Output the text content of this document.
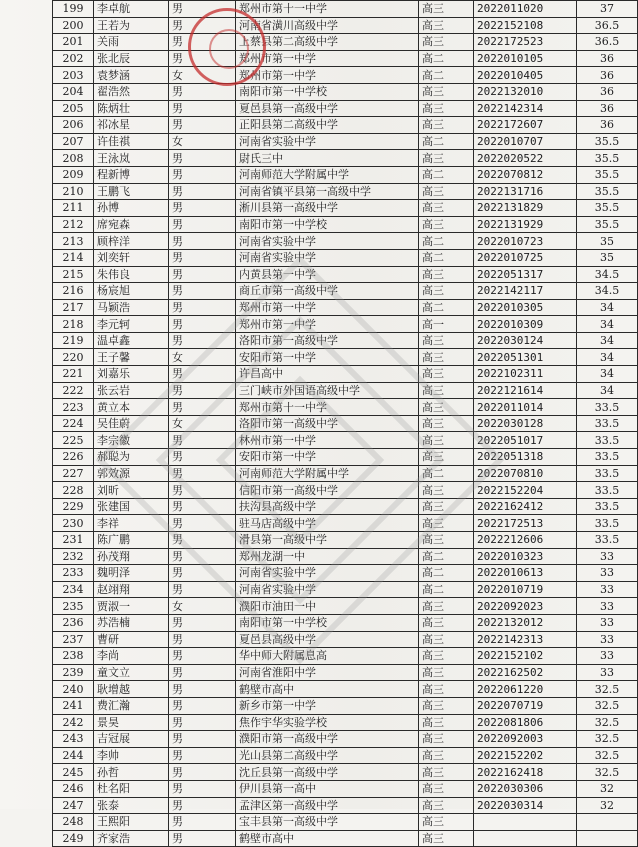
199	李卓航	男	郑州市第十一中学	高三	2022011020	37
200	王若为	男	河南省潢川高级中学	高三	2022152108	36.5
201	关雨	男	上蔡县第二高级中学	高三	2022172523	36.5
202	张北辰	男	郑州市第一中学	高二	2022010105	36
203	袁梦涵	女	郑州市第一中学	高二	2022010405	36
204	翟浩然	男	南阳市第一中学校	高三	2022132010	36
205	陈炳壮	男	夏邑县第一高级中学	高三	2022142314	36
206	祁冰星	男	正阳县第二高级中学	高三	2022172607	36
207	许佳祺	女	河南省实验中学	高二	2022010707	35.5
208	王泳岚	男	尉氏三中	高三	2022020522	35.5
209	程新博	男	河南师范大学附属中学	高二	2022070812	35.5
210	王鹏飞	男	河南省镇平县第一高级中学	高三	2022131716	35.5
211	孙博	男	淅川县第一高级中学	高三	2022131829	35.5
212	席宛森	男	南阳市第一中学校	高三	2022131929	35.5
213	顾梓洋	男	河南省实验中学	高二	2022010723	35
214	刘奕轩	男	河南省实验中学	高二	2022010725	35
215	朱伟良	男	内黄县第一中学	高三	2022051317	34.5
216	杨宸旭	男	商丘市第一高级中学	高三	2022142117	34.5
217	马颖浩	男	郑州市第一中学	高二	2022010305	34
218	李元轲	男	郑州市第一中学	高一	2022010309	34
219	温卓鑫	男	洛阳市第一高级中学	高三	2022030124	34
220	王子馨	女	安阳市第一中学	高三	2022051301	34
221	刘嘉乐	男	许昌高中	高三	2022102311	34
222	张云岩	男	三门峡市外国语高级中学	高三	2022121614	34
223	黄立本	男	郑州市第十一中学	高三	2022011014	33.5
224	吴佳蔚	女	洛阳市第一高级中学	高三	2022030128	33.5
225	李宗徽	男	林州市第一中学	高三	2022051017	33.5
226	郝聪为	男	安阳市第一中学	高三	2022051318	33.5
227	郭效源	男	河南师范大学附属中学	高二	2022070810	33.5
228	刘昕	男	信阳市第一高级中学	高三	2022152204	33.5
229	张建国	男	扶沟县高级中学	高三	2022162412	33.5
230	李祥	男	驻马店高级中学	高三	2022172513	33.5
231	陈广鹏	男	滑县第一高级中学	高三	2022212606	33.5
232	孙茂翔	男	郑州龙湖一中	高二	2022010323	33
233	魏明泽	男	河南省实验中学	高二	2022010613	33
234	赵翊翔	男	河南省实验中学	高二	2022010719	33
235	贾淑一	女	濮阳市油田一中	高三	2022092023	33
236	苏浩楠	男	南阳市第一中学校	高三	2022132012	33
237	曹研	男	夏邑县高级中学	高三	2022142313	33
238	李尚	男	华中师大附属息高	高三	2022152102	33
239	童文立	男	河南省淮阳中学	高三	2022162502	33
240	耿增越	男	鹤壁市高中	高三	2022061220	32.5
241	费汇瀚	男	新乡市第一中学	高三	2022070719	32.5
242	景昊	男	焦作宇华实验学校	高三	2022081806	32.5
243	吉冠展	男	濮阳市第一高级中学	高三	2022092003	32.5
244	李帅	男	光山县第二高级中学	高三	2022152202	32.5
245	孙哲	男	沈丘县第一高级中学	高三	2022162418	32.5
246	杜名阳	男	伊川县第一高中	高三	2022030306	32
247	张泰	男	孟津区第一高级中学	高三	2022030314	32
248	王熙阳	男	宝丰县第一高级中学	高三		
249	齐家浩	男	鹤壁市高中	高三		
